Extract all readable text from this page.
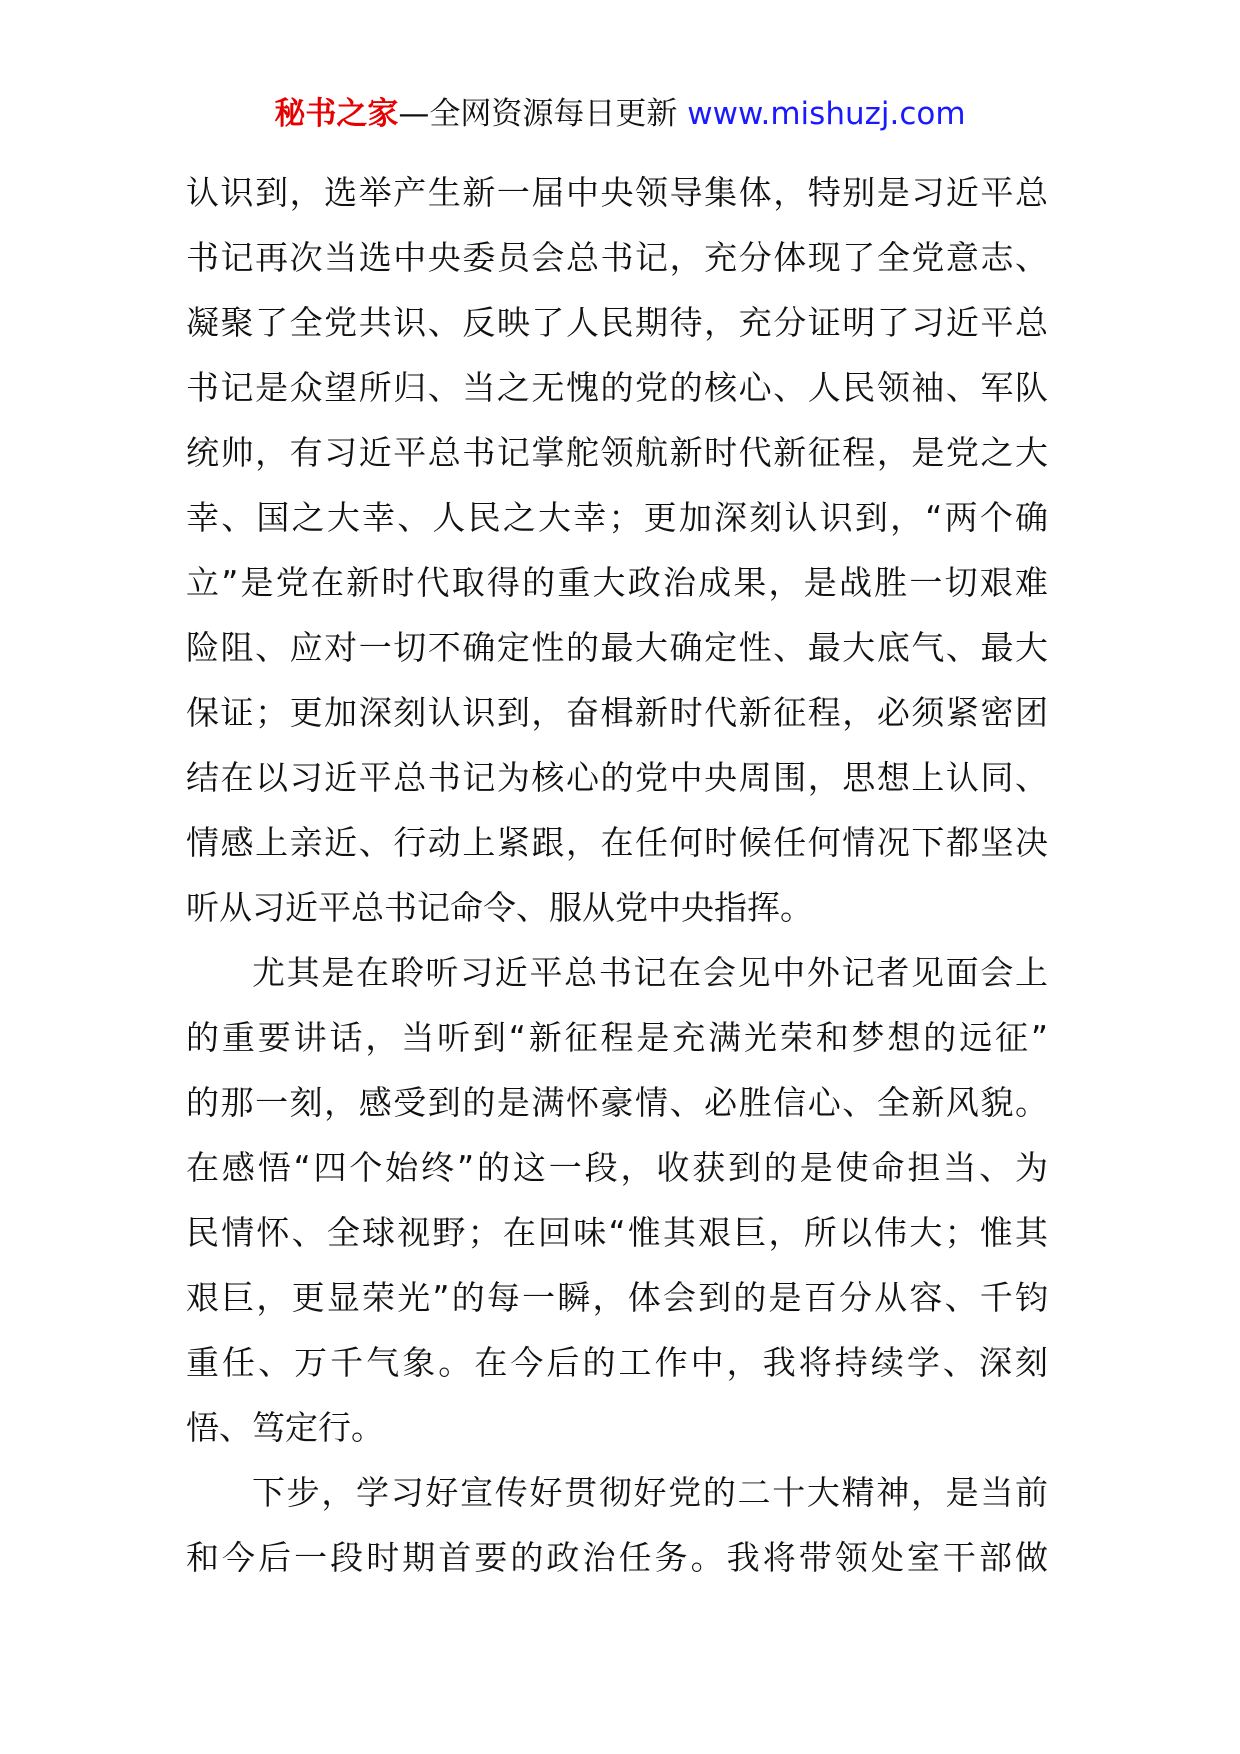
秘书之家—全网资源每日更新 www.mishuzj.com
认识到，选举产生新一届中央领导集体，特别是习近平总
书记再次当选中央委员会总书记，充分体现了全党意志、
凝聚了全党共识、反映了人民期待，充分证明了习近平总
书记是众望所归、当之无愧的党的核心、人民领袖、军队
统帅，有习近平总书记掌舵领航新时代新征程，是党之大
幸、国之大幸、人民之大幸；更加深刻认识到，“两个确
立”是党在新时代取得的重大政治成果，是战胜一切艰难
险阻、应对一切不确定性的最大确定性、最大底气、最大
保证；更加深刻认识到，奋楫新时代新征程，必须紧密团
结在以习近平总书记为核心的党中央周围，思想上认同、
情感上亲近、行动上紧跟，在任何时候任何情况下都坚决
听从习近平总书记命令、服从党中央指挥。
尤其是在聆听习近平总书记在会见中外记者见面会上
的重要讲话，当听到“新征程是充满光荣和梦想的远征”
的那一刻，感受到的是满怀豪情、必胜信心、全新风貌。
在感悟“四个始终”的这一段，收获到的是使命担当、为
民情怀、全球视野；在回味“惟其艰巨，所以伟大；惟其
艰巨，更显荣光”的每一瞬，体会到的是百分从容、千钧
重任、万千气象。在今后的工作中，我将持续学、深刻
悟、笃定行。
下步，学习好宣传好贯彻好党的二十大精神，是当前
和今后一段时期首要的政治任务。我将带领处室干部做
